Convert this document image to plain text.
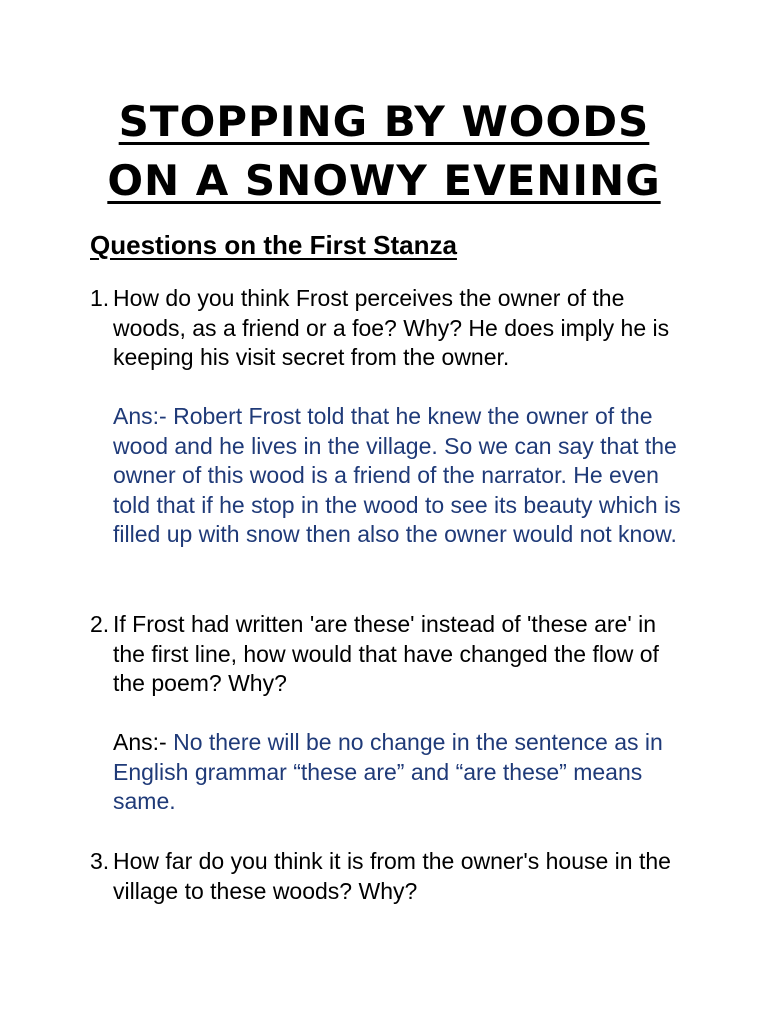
STOPPING BY WOODS
ON A SNOWY EVENING
Questions on the First Stanza
1. How do you think Frost perceives the owner of the woods, as a friend or a foe? Why? He does imply he is keeping his visit secret from the owner.
Ans:- Robert Frost told that he knew the owner of the wood and he lives in the village. So we can say that the owner of this wood is a friend of the narrator. He even told that if he stop in the wood to see its beauty which is filled up with snow then also the owner would not know.
2. If Frost had written 'are these' instead of 'these are' in the first line, how would that have changed the flow of the poem? Why?
Ans:- No there will be no change in the sentence as in English grammar “these are” and “are these” means same.
3. How far do you think it is from the owner's house in the village to these woods? Why?
